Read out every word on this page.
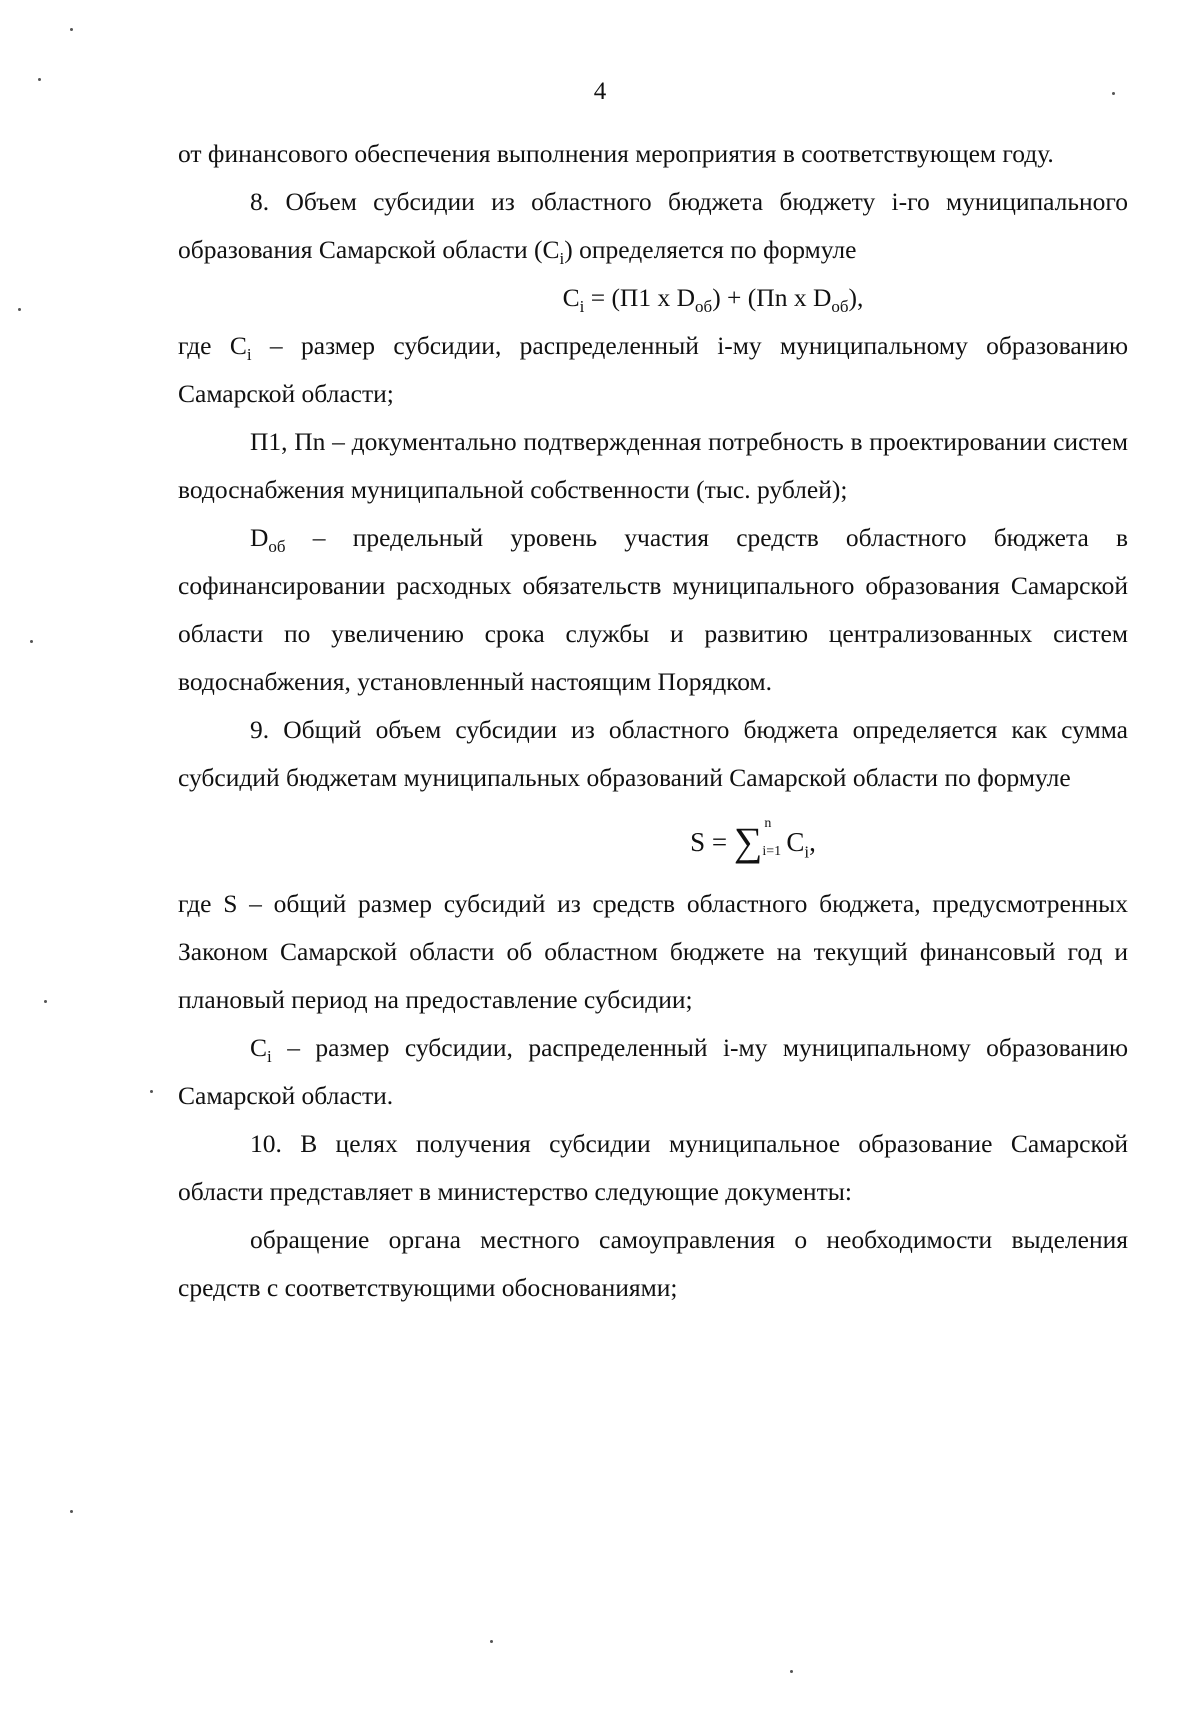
4

от финансового обеспечения выполнения мероприятия в соответствующем году.

8. Объем субсидии из областного бюджета бюджету i-го муниципального образования Самарской области $(C_i)$ определяется по формуле

$C_i = (П1$ x $D_{об}) + (Пn$ x $D_{об}$),

где $C_i$ – размер субсидии, распределенный i-му муниципальному образованию Самарской области;

П1, Пn – документально подтвержденная потребность в проектировании систем водоснабжения муниципальной собственности (тыс. рублей);

$D_{об}$ – предельный уровень участия средств областного бюджета в софинансировании расходных обязательств муниципального образования Самарской области по увеличению срока службы и развитию централизованных систем водоснабжения, установленный настоящим Порядком.

9. Общий объем субсидии из областного бюджета определяется как сумма субсидий бюджетам муниципальных образований Самарской области по формуле

S = ∑ n
i=1 $C_i$,

где S – общий размер субсидий из средств областного бюджета, предусмотренных Законом Самарской области об областном бюджете на текущий финансовый год и плановый период на предоставление субсидии;

$C_i$ – размер субсидии, распределенный i-му муниципальному образованию Самарской области.

10. В целях получения субсидии муниципальное образование Самарской области представляет в министерство следующие документы:

обращение органа местного самоуправления о необходимости выделения средств с соответствующими обоснованиями;
